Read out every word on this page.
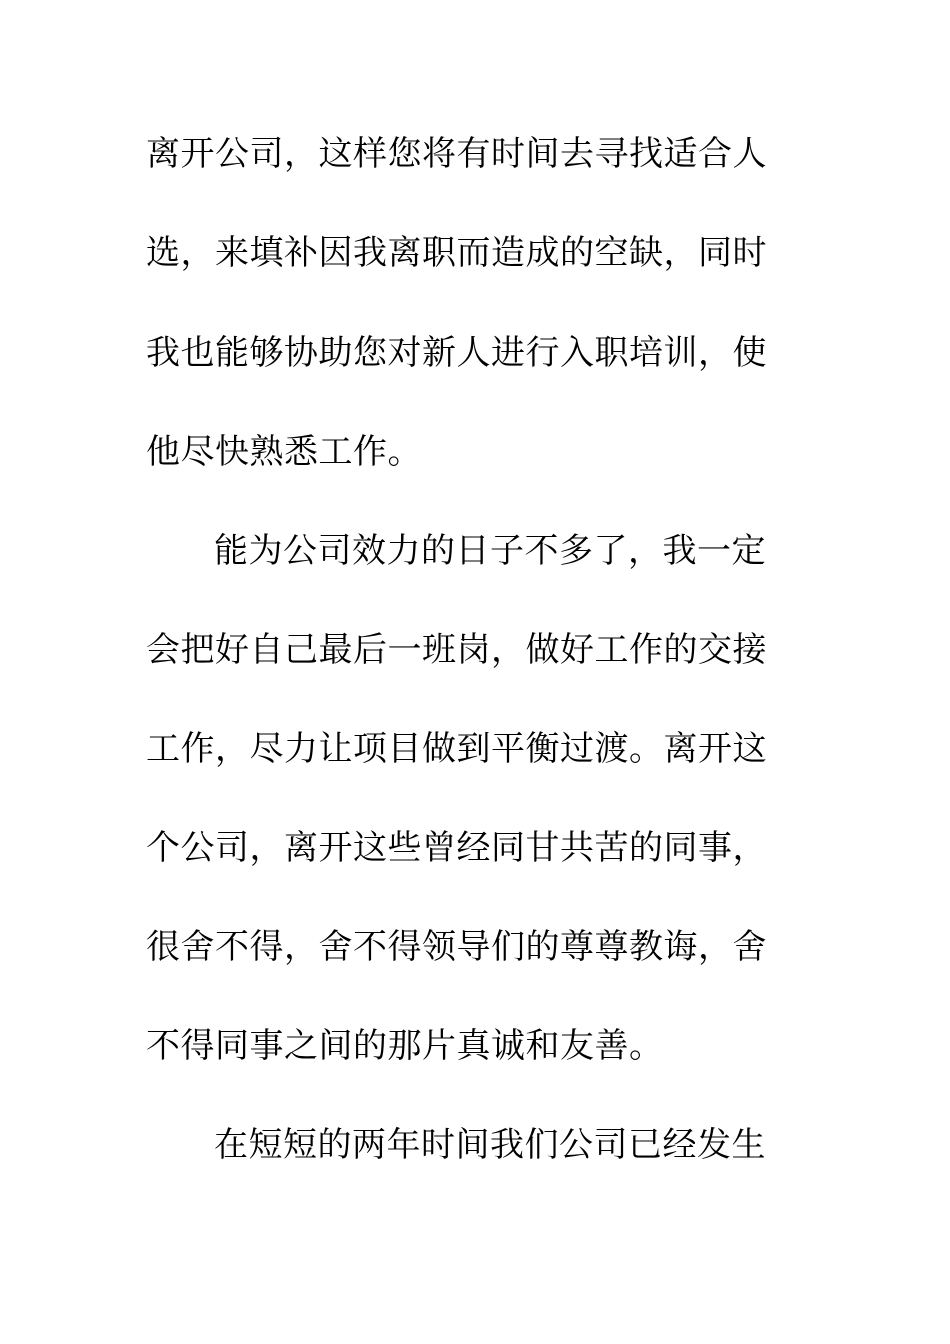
离开公司，这样您将有时间去寻找适合人
选，来填补因我离职而造成的空缺，同时
我也能够协助您对新人进行入职培训，使
他尽快熟悉工作。
能为公司效力的日子不多了，我一定
会把好自己最后一班岗，做好工作的交接
工作，尽力让项目做到平衡过渡。离开这
个公司，离开这些曾经同甘共苦的同事，
很舍不得，舍不得领导们的尊尊教诲，舍
不得同事之间的那片真诚和友善。
在短短的两年时间我们公司已经发生
